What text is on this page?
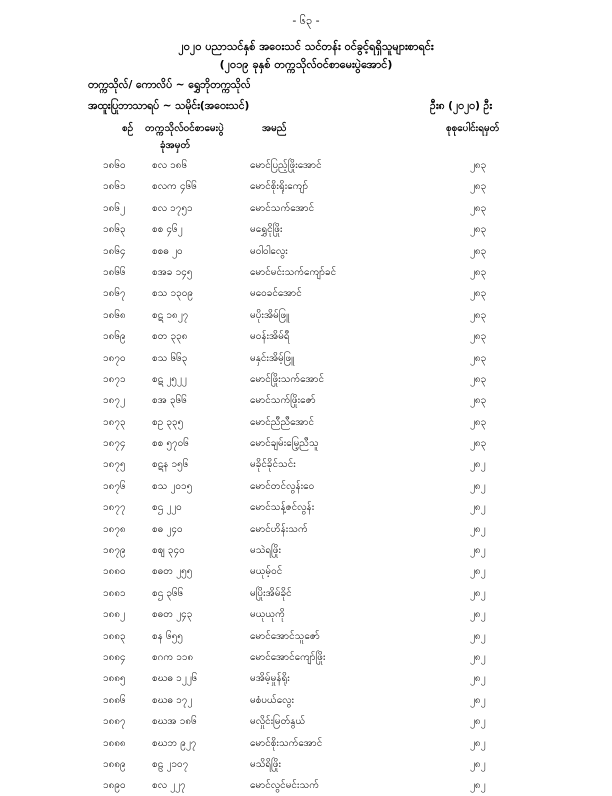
- ၆၃ -
၂၀၂၀ ပညာသင်နှစ် အဝေးသင် သင်တန်း ဝင်ခွင့်ရရှိသူများစာရင်း
(၂၀၁၉ ခုနှစ် တက္ကသိုလ်ဝင်စာမေးပွဲအောင်)
တက္ကသိုလ်/ ကောလိပ် ~ ရွှေဘိုတက္ကသိုလ်
အထူးပြုဘာသာရပ် ~ သမိုင်း(အဝေးသင်)	ဦး၈ (၂၀၂၀) ဦး
စဉ် တက္ကသိုလ်ဝင်စာမေးပွဲ
ခုံအမှတ်
အမည်	စုစုပေါင်းရမှတ်
၁၈၆၀	စလ ၁၈၆	မောင်ပြည့်ဖြိုးအောင်	၂၈၃
၁၈၆၁	စလက ၄၆၆	မောင်စိုးရိုးကျော်	၂၈၃
၁၈၆၂	စလ ၁၇၅၁	မောင်သက်အောင်	၂၈၃
၁၈၆၃	စစ ၄၆၂	မရွှေငိုဖြိုး	၂၈၃
၁၈၆၄	စစဓ ၂၀	မဝါဝါလွေး	၂၈၃
၁၈၆၆	စအခ ၁၄၅	မောင်မင်းသက်ကျော်ခင်	၂၈၃
၁၈၆၇	စသ ၁၃၀၉	မဝေခင်အောင်	၂၈၃
၁၈၆၈	စဋ ၁၈၂၇	မပိုးအိမ်ဖြူ	၂၈၃
၁၈၆၉	စတ ၃၃၈	မဝန်းအိမ်ရီ	၂၈၃
၁၈၇၀	စသ ၆၆၃	မနှင်းအိမ့်ဖြူ	၂၈၃
၁၈၇၁	စဋ ၂၅၂၂	မောင်ဖြိုးသက်အောင်	၂၈၃
၁၈၇၂	စအ ၃၆၆	မောင်သက်ဖြိုးဇော်	၂၈၃
၁၈၇၃	စဥ ၃၃၅	မောင်ညီညီအောင်	၂၈၃
၁၈၇၄	စစ ၅၇၀၆	မောင်ချမ်းမြေ့ညီသူ	၂၈၃
၁၈၇၅	စဋန ၁၅၆	မခိုင်ခိုင်သင်း	၂၈၂
၁၈၇၆	စသ ၂၀၁၅	မောင်တင်လွန်းဝေ	၂၈၂
၁၈၇၇	စဌ ၂၂၀	မောင်သန့်ဇင်လွန်း	၂၈၂
၁၈၇၈	စဓ ၂၄၀	မောင်ဟိန်းသက်	၂၈၂
၁၈၇၉	စဈ ၃၄၀	မသဲရဖြိုး	၂၈၂
၁၈၈၀	စဓတ ၂၅၅	မယုမ့်ဝင်	၂၈၂
၁၈၈၁	စဌ ၃၆၆	မပြိုးအိမ်ခိုင်	၂၈၂
၁၈၈၂	စဓတ ၂၄၃	မယုယုကို	၂၈၂
၁၈၈၃	စန ၆၅၅	မောင်အောင်သူဇော်	၂၈၂
၁၈၈၄	စဂက ၁၁၈	မောင်အောင်ကျော်ဖြိုး	၂၈၂
၁၈၈၅	စဃဓ ၁၂၂၆	မအိမ့်မှုန်ရိုး	၂၈၂
၁၈၈၆	စဃဓ ၁၇၂	မစံပယ်လွေး	၂၈၂
၁၈၈၇	စဃအ ၁၈၆	မလှိုင်းမြတ်နွယ်	၂၈၂
၁၈၈၈	စဃဘ ၉၂၇	မောင်စိုးသက်အောင်	၂၈၂
၁၈၈၉	စဠ ၂၁၀၇	မသိရိဖြိုး	၂၈၂
၁၈၉၀	စလ ၂၂၇	မောင်လွင်မင်းသက်	၂၈၂
